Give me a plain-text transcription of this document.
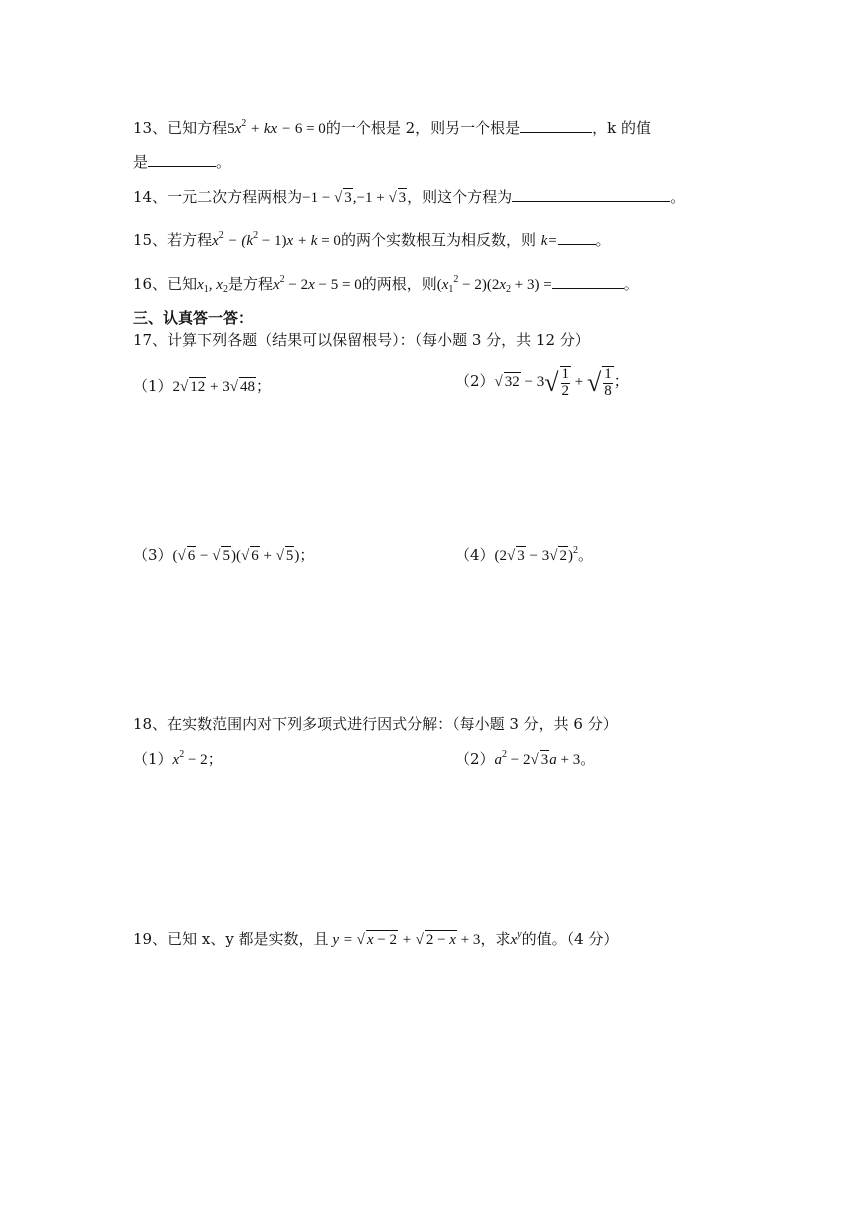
13、已知方程$5x^2$ + kx − 6 = 0的一个根是 2，则另一个根是	，k 的值
是	。
14、一元二次方程两根为−1 − √ 3,−1 + √ 3，则这个方程为	。
15、若方程$x^2 - (k^2 - 1)x + k = 0$的两个实数根互为相反数，则 k=	。
16、已知$x_1$, $x_2$是方程$x^2 - 2x - 5 = 0$的两根，则$(x_1^2 - 2)(2x_2 + 3)$ =	。
三、认真答一答：
17、计算下列各题（结果可以保留根号）：（每小题 3 分，共 12 分）
（1）2√ 12 + 3√ 48；	（2）√ $32 - 3√ \frac{1}{2}$ + √ $\frac{1}{8}$ ；
（3）(√ 6 − √ 5)(√ 6 + √ 5)；	（4）(2√ 3 − 3√ 2)$^2$。
18、在实数范围内对下列多项式进行因式分解：（每小题 3 分，共 6 分）
$(1)x^2 - 2$；	$(2)a^2 - 2√$ 3a + 3。
19、已知 x、y 都是实数，且 y = √ x − 2 + √ 2 − x + 3，求$x^y$的值。（4 分）
